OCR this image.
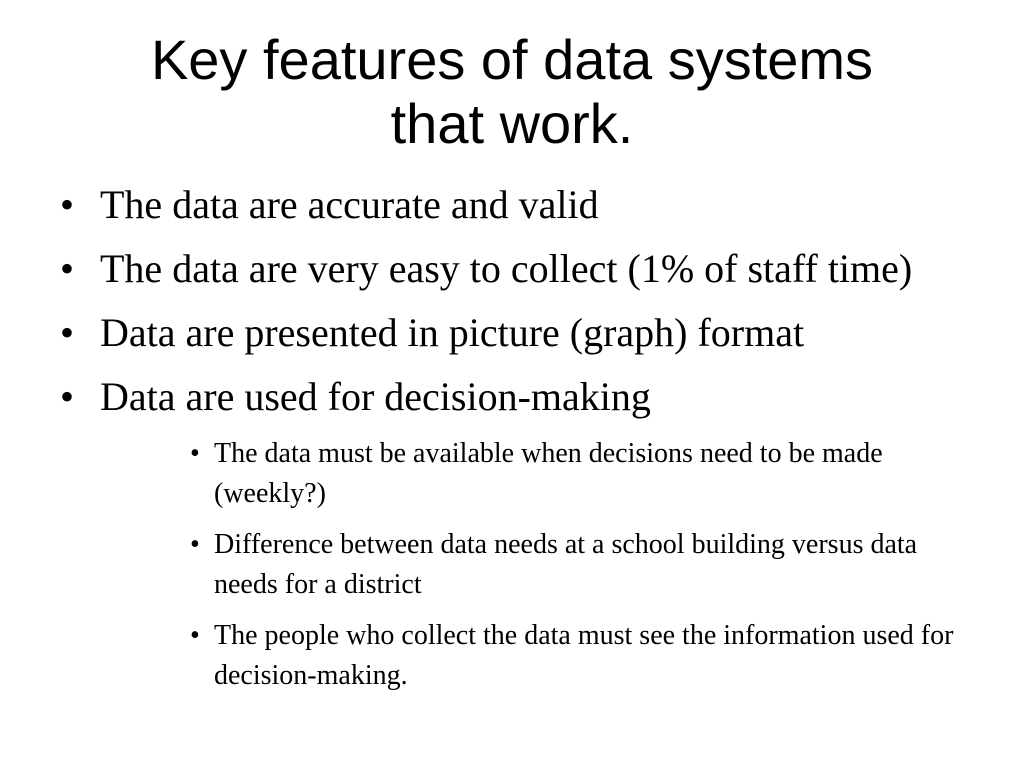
Key features of data systems
that work.
• The data are accurate and valid
• The data are very easy to collect (1% of staff time)
• Data are presented in picture (graph) format
• Data are used for decision-making
• The data must be available when decisions need to be made (weekly?)
• Difference between data needs at a school building versus data needs for a district
• The people who collect the data must see the information used for decision-making.
